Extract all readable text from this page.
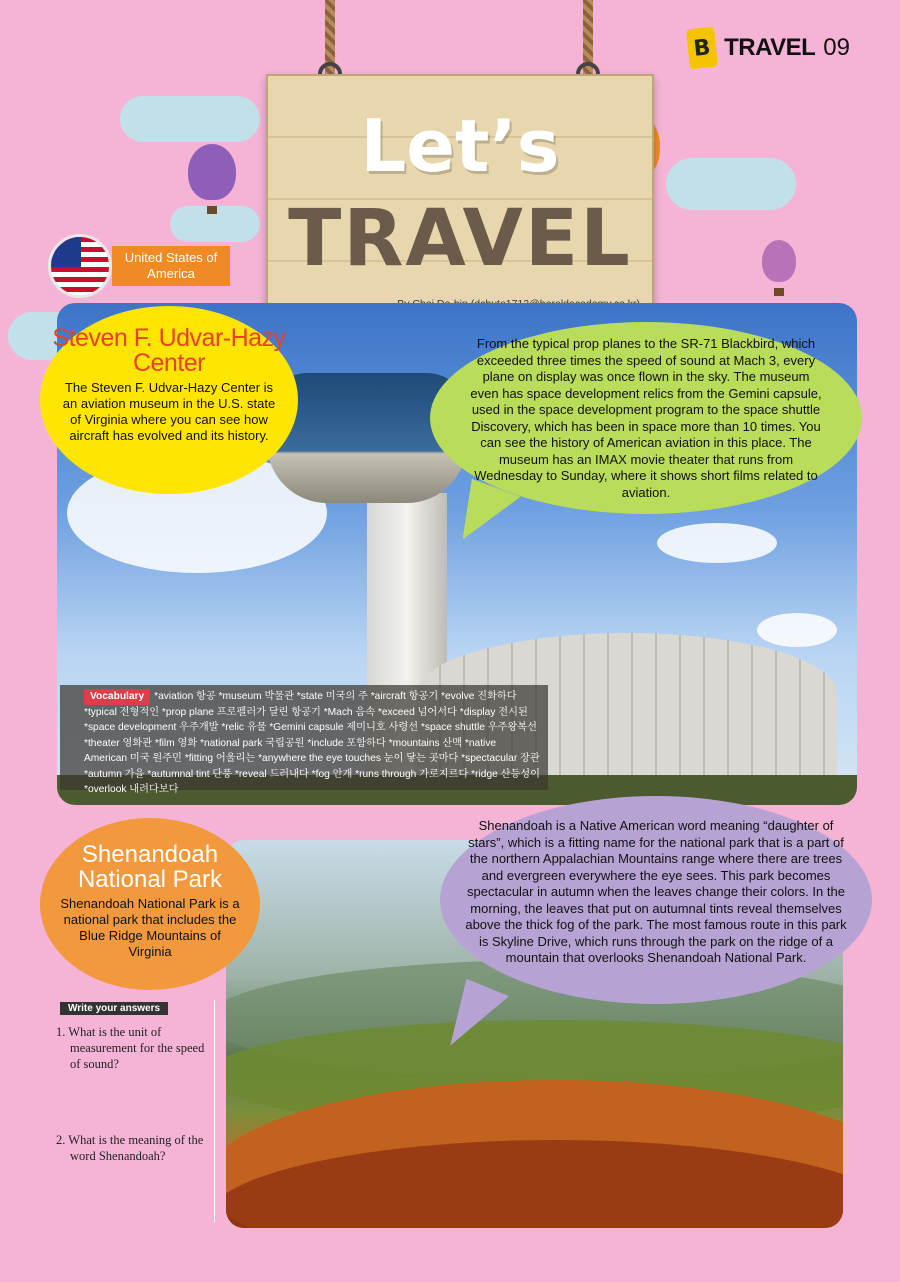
B TRAVEL 09
Let’s
TRAVEL
United States of America
Steven F. Udvar-Hazy Center
The Steven F. Udvar-Hazy Center is an aviation museum in the U.S. state of Virginia where you can see how aircraft has evolved and its history.
From the typical prop planes to the SR-71 Blackbird, which exceeded three times the speed of sound at Mach 3, every plane on display was once flown in the sky. The museum even has space development relics from the Gemini capsule, used in the space development program to the space shuttle Discovery, which has been in space more than 10 times. You can see the history of American aviation in this place. The museum has an IMAX movie theater that runs from Wednesday to Sunday, where it shows short films related to aviation.
Vocabulary *aviation 항공 *museum 박물관 *state 미국의 주 *aircraft 항공기 *evolve 진화하다 *typical 전형적인 *prop plane 프로펠러가 달린 항공기 *Mach 음속 *exceed 넘어서다 *display 전시된 *space development 우주개발 *relic 유물 *Gemini capsule 제미니호 사령선 *space shuttle 우주왕복선 *theater 영화관 *film 영화 *national park 국립공원 *include 포함하다 *mountains 산맥 *native American 미국 원주민 *fitting 어울리는 *anywhere the eye touches 눈이 닿는 곳마다 *spectacular 장관 *autumn 가을 *autumnal tint 단풍 *reveal 드러내다 *fog 안개 *runs through 가로지르다 *ridge 산등성이 *overlook 내려다보다
Shenandoah National Park
Shenandoah National Park is a national park that includes the Blue Ridge Mountains of Virginia
Shenandoah is a Native American word meaning “daughter of stars”, which is a fitting name for the national park that is a part of the northern Appalachian Mountains range where there are trees and evergreen everywhere the eye sees. This park becomes spectacular in autumn when the leaves change their colors. In the morning, the leaves that put on autumnal tints reveal themselves above the thick fog of the park. The most famous route in this park is Skyline Drive, which runs through the park on the ridge of a mountain that overlooks Shenandoah National Park.
Write your answers
1. What is the unit of measurement for the speed of sound?
2. What is the meaning of the word Shenandoah?
